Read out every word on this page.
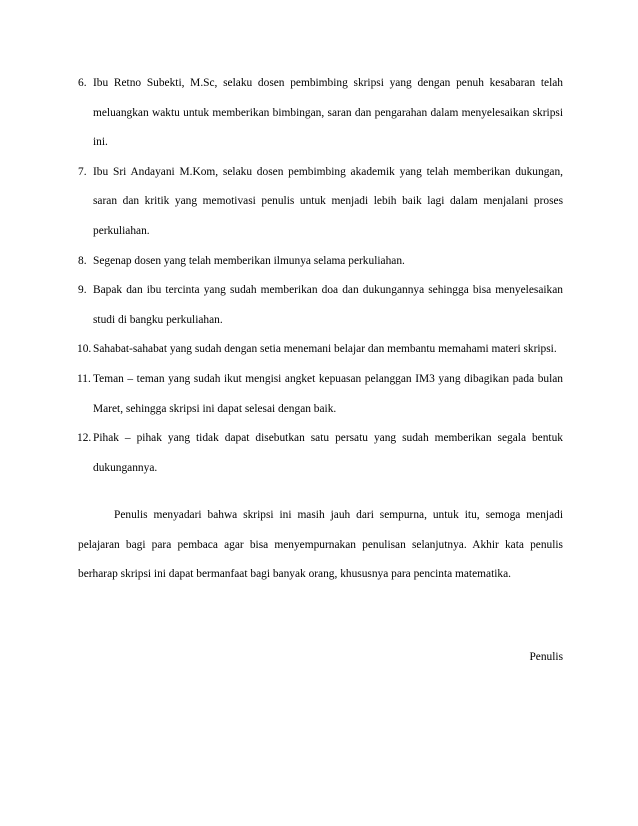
6. Ibu Retno Subekti, M.Sc, selaku dosen pembimbing skripsi yang dengan penuh kesabaran telah meluangkan waktu untuk memberikan bimbingan, saran dan pengarahan dalam menyelesaikan skripsi ini.
7. Ibu Sri Andayani M.Kom, selaku dosen pembimbing akademik yang telah memberikan dukungan, saran dan kritik yang memotivasi penulis untuk menjadi lebih baik lagi dalam menjalani proses perkuliahan.
8. Segenap dosen yang telah memberikan ilmunya selama perkuliahan.
9. Bapak dan ibu tercinta yang sudah memberikan doa dan dukungannya sehingga bisa menyelesaikan studi di bangku perkuliahan.
10. Sahabat-sahabat yang sudah dengan setia menemani belajar dan membantu memahami materi skripsi.
11. Teman – teman yang sudah ikut mengisi angket kepuasan pelanggan IM3 yang dibagikan pada bulan Maret, sehingga skripsi ini dapat selesai dengan baik.
12. Pihak – pihak yang tidak dapat disebutkan satu persatu yang sudah memberikan segala bentuk dukungannya.

Penulis menyadari bahwa skripsi ini masih jauh dari sempurna, untuk itu, semoga menjadi pelajaran bagi para pembaca agar bisa menyempurnakan penulisan selanjutnya. Akhir kata penulis berharap skripsi ini dapat bermanfaat bagi banyak orang, khususnya para pencinta matematika.

Penulis
